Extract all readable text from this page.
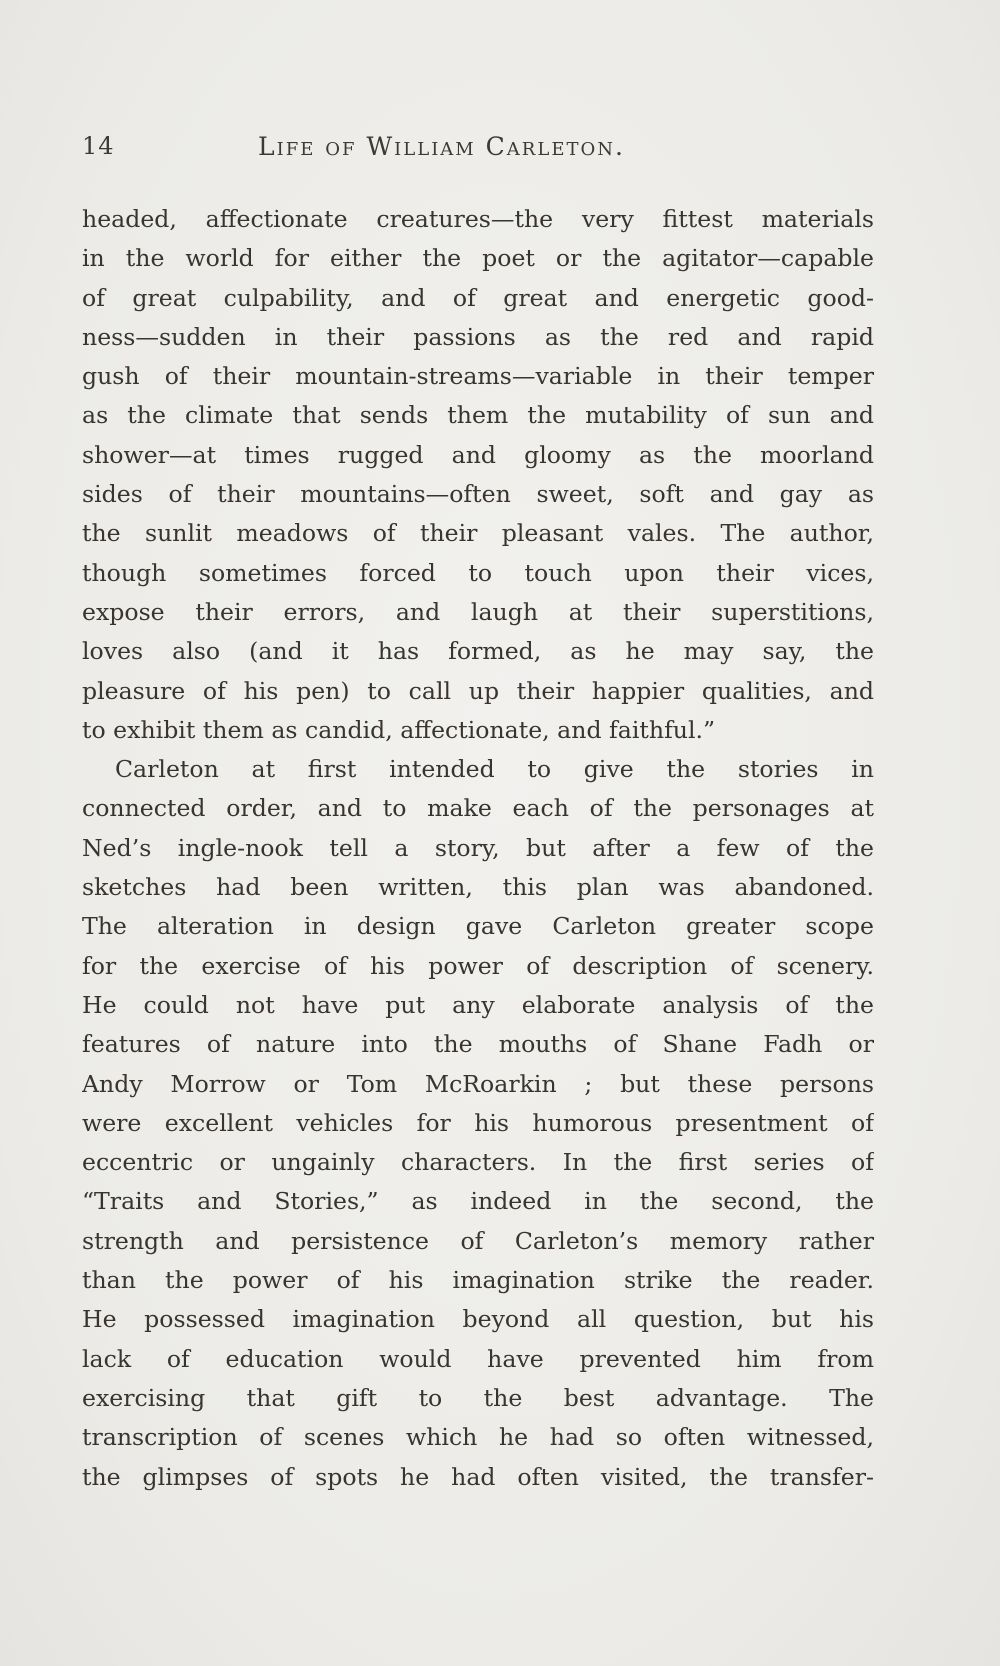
14	Life of William Carleton.
headed, affectionate creatures—the very fittest materials
in the world for either the poet or the agitator—capable
of great culpability, and of great and energetic good-
ness—sudden in their passions as the red and rapid
gush of their mountain-streams—variable in their temper
as the climate that sends them the mutability of sun and
shower—at times rugged and gloomy as the moorland
sides of their mountains—often sweet, soft and gay as
the sunlit meadows of their pleasant vales. The author,
though sometimes forced to touch upon their vices,
expose their errors, and laugh at their superstitions,
loves also (and it has formed, as he may say, the
pleasure of his pen) to call up their happier qualities, and
to exhibit them as candid, affectionate, and faithful.”
Carleton at first intended to give the stories in
connected order, and to make each of the personages at
Ned’s ingle-nook tell a story, but after a few of the
sketches had been written, this plan was abandoned.
The alteration in design gave Carleton greater scope
for the exercise of his power of description of scenery.
He could not have put any elaborate analysis of the
features of nature into the mouths of Shane Fadh or
Andy Morrow or Tom McRoarkin ; but these persons
were excellent vehicles for his humorous presentment of
eccentric or ungainly characters. In the first series of
“Traits and Stories,” as indeed in the second, the
strength and persistence of Carleton’s memory rather
than the power of his imagination strike the reader.
He possessed imagination beyond all question, but his
lack of education would have prevented him from
exercising that gift to the best advantage. The
transcription of scenes which he had so often witnessed,
the glimpses of spots he had often visited, the transfer-
